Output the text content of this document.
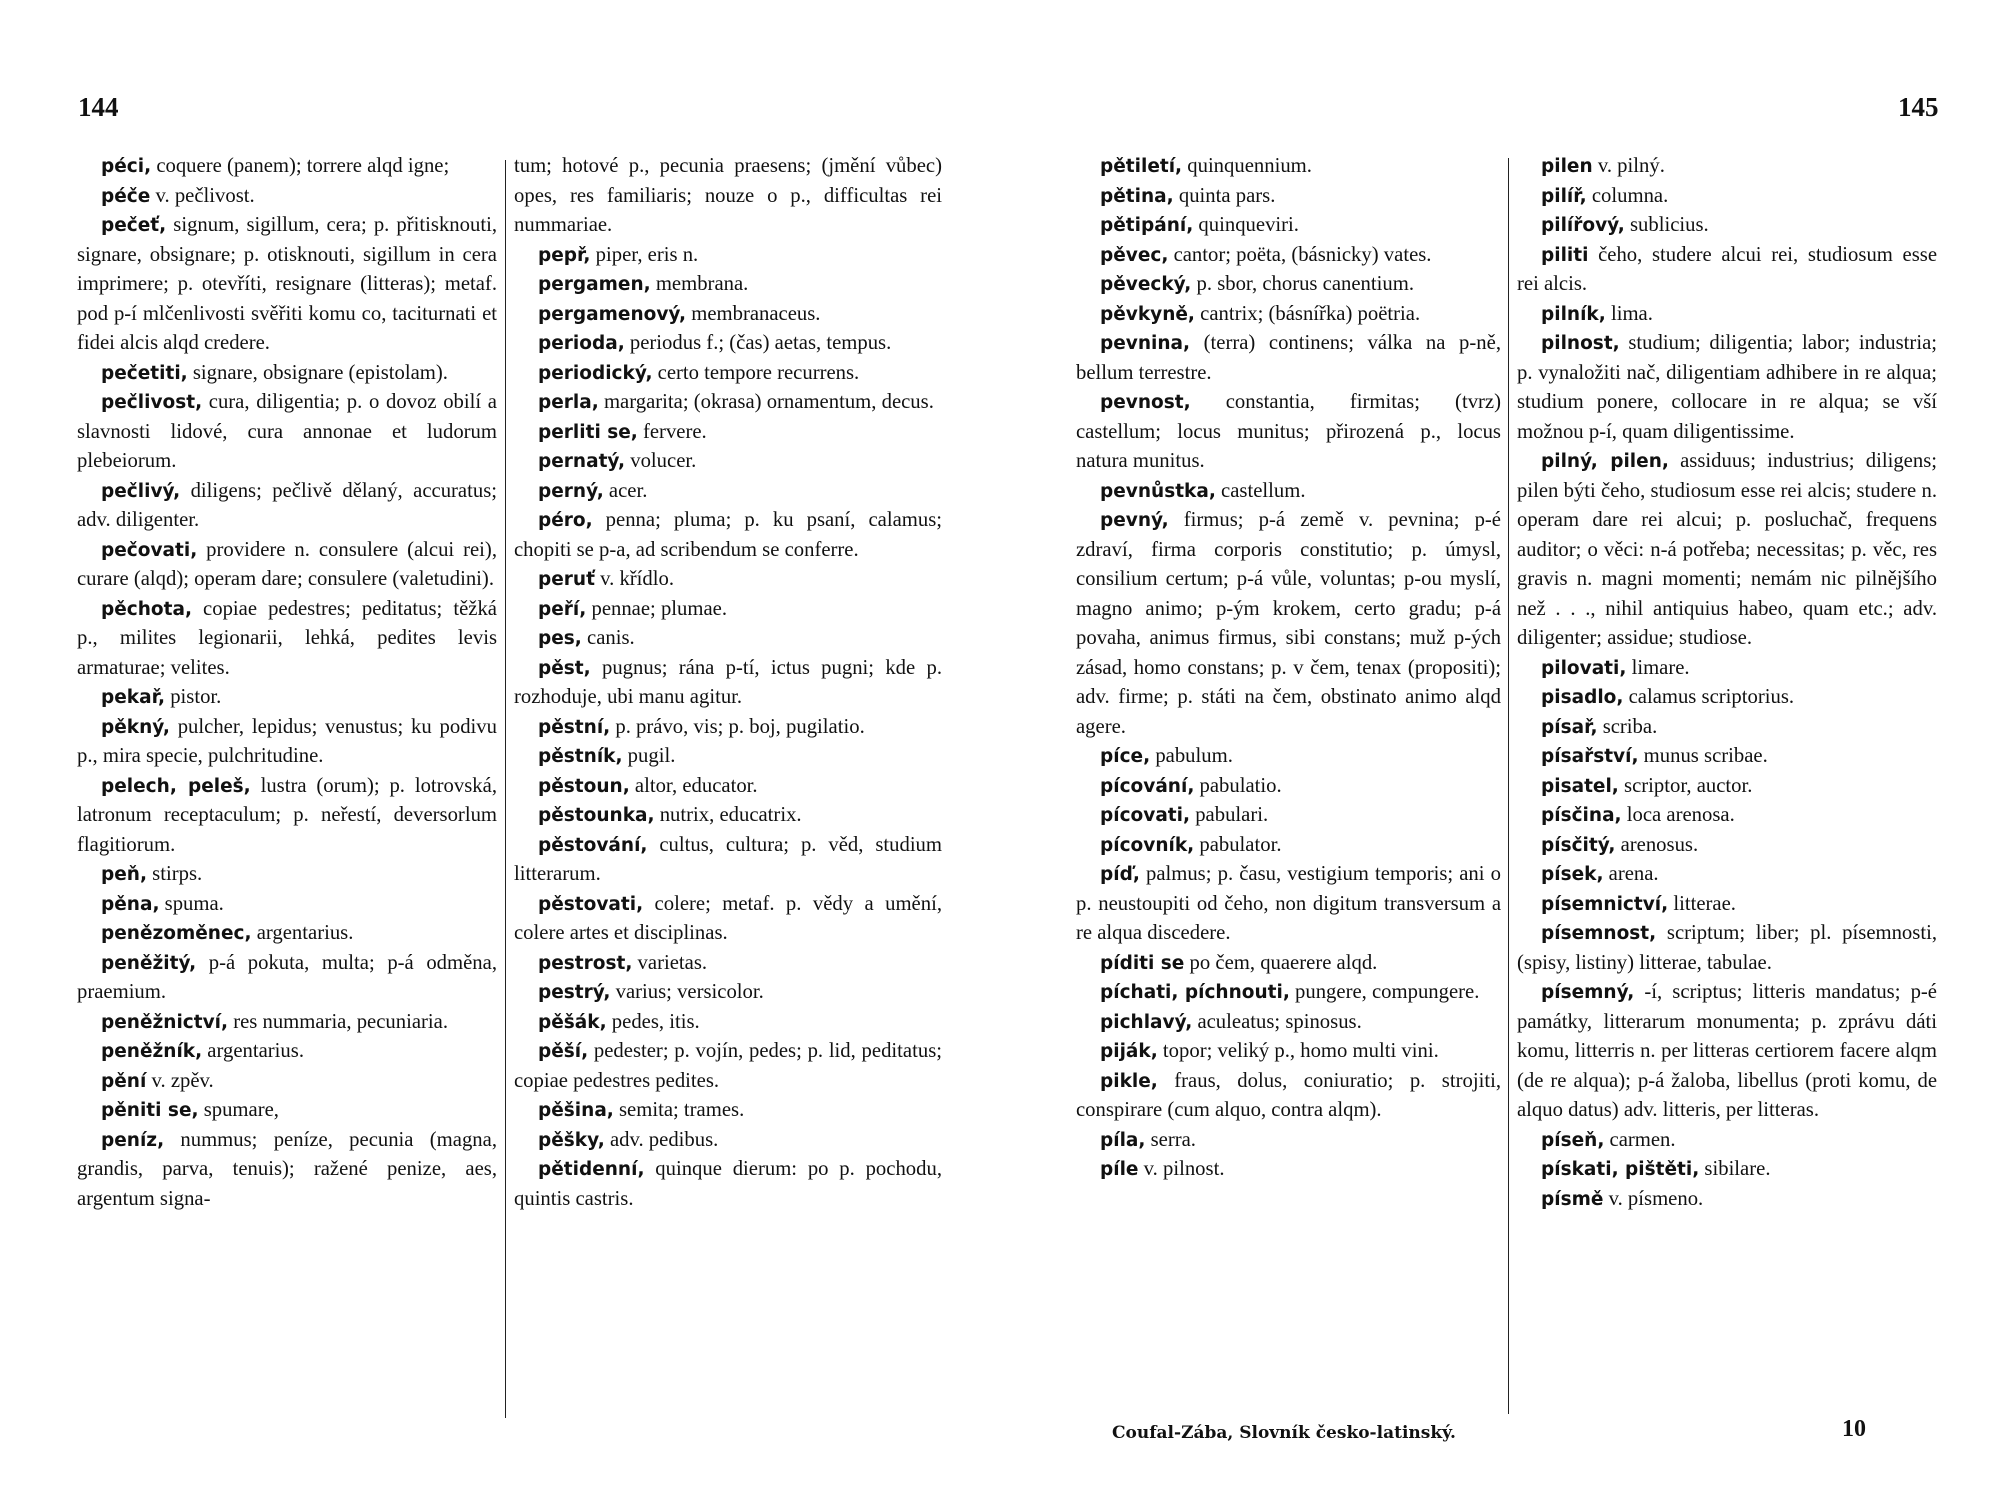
144	145

péci, coquere (panem); torrere alqd igne;

péče v. pečlivost.

pečeť, signum, sigillum, cera; p. přitisknouti, signare, obsignare; p. otisknouti, sigillum in cera imprimere; p. otevříti, resignare (litteras); metaf. pod p-í mlčenlivosti svěřiti komu co, taciturnati et fidei alcis alqd credere.

pečetiti, signare, obsignare (epistolam).

pečlivost, cura, diligentia; p. o dovoz obilí a slavnosti lidové, cura annonae et ludorum plebeiorum.

pečlivý, diligens; pečlivě dělaný, accuratus; adv. diligenter.

pečovati, providere n. consulere (alcui rei), curare (alqd); operam dare; consulere (valetudini).

pěchota, copiae pedestres; peditatus; těžká p., milites legionarii, lehká, pedites levis armaturae; velites.

pekař, pistor.

pěkný, pulcher, lepidus; venustus; ku podivu p., mira specie, pulchritudine.

pelech, peleš, lustra (orum); p. lotrovská, latronum receptaculum; p. neřestí, deversorlum flagitiorum.

peň, stirps.

pěna, spuma.

penězoměnec, argentarius.

peněžitý, p-á pokuta, multa; p-á odměna, praemium.

peněžnictví, res nummaria, pecuniaria.

peněžník, argentarius.

pění v. zpěv.

pěniti se, spumare,

peníz, nummus; peníze, pecunia (magna, grandis, parva, tenuis); ražené penize, aes, argentum signa-

tum; hotové p., pecunia praesens; (jmění vůbec) opes, res familiaris; nouze o p., difficultas rei nummariae.

pepř, piper, eris n.

pergamen, membrana.

pergamenový, membranaceus.

perioda, periodus f.; (čas) aetas, tempus.

periodický, certo tempore recurrens.

perla, margarita; (okrasa) ornamentum, decus.

perliti se, fervere.

pernatý, volucer.

perný, acer.

péro, penna; pluma; p. ku psaní, calamus; chopiti se p-a, ad scribendum se conferre.

peruť v. křídlo.

peří, pennae; plumae.

pes, canis.

pěst, pugnus; rána p-tí, ictus pugni; kde p. rozhoduje, ubi manu agitur.

pěstní, p. právo, vis; p. boj, pugilatio.

pěstník, pugil.

pěstoun, altor, educator.

pěstounka, nutrix, educatrix.

pěstování, cultus, cultura; p. věd, studium litterarum.

pěstovati, colere; metaf. p. vědy a umění, colere artes et disciplinas.

pestrost, varietas.

pestrý, varius; versicolor.

pěšák, pedes, itis.

pěší, pedester; p. vojín, pedes; p. lid, peditatus; copiae pedestres pedites.

pěšina, semita; trames.

pěšky, adv. pedibus.

pětidenní, quinque dierum: po p. pochodu, quintis castris.

pětiletí, quinquennium.

pětina, quinta pars.

pětipání, quinqueviri.

pěvec, cantor; poëta, (básnicky) vates.

pěvecký, p. sbor, chorus canentium.

pěvkyně, cantrix; (básnířka) poëtria.

pevnina, (terra) continens; válka na p-ně, bellum terrestre.

pevnost, constantia, firmitas; (tvrz) castellum; locus munitus; přirozená p., locus natura munitus.

pevnůstka, castellum.

pevný, firmus; p-á země v. pevnina; p-é zdraví, firma corporis constitutio; p. úmysl, consilium certum; p-á vůle, voluntas; p-ou myslí, magno animo; p-ým krokem, certo gradu; p-á povaha, animus firmus, sibi constans; muž p-ých zásad, homo constans; p. v čem, tenax (propositi); adv. firme; p. státi na čem, obstinato animo alqd agere.

píce, pabulum.

pícování, pabulatio.

pícovati, pabulari.

pícovník, pabulator.

píď, palmus; p. času, vestigium temporis; ani o p. neustoupiti od čeho, non digitum transversum a re alqua discedere.

píditi se po čem, quaerere alqd.

píchati, píchnouti, pungere, compungere.

pichlavý, aculeatus; spinosus.

piják, topor; veliký p., homo multi vini.

pikle, fraus, dolus, coniuratio; p. strojiti, conspirare (cum alquo, contra alqm).

píla, serra.

píle v. pilnost.

pilen v. pilný.

pilíř, columna.

pilířový, sublicius.

piliti čeho, studere alcui rei, studiosum esse rei alcis.

pilník, lima.

pilnost, studium; diligentia; labor; industria; p. vynaložiti nač, diligentiam adhibere in re alqua; studium ponere, collocare in re alqua; se vší možnou p-í, quam diligentissime.

pilný, pilen, assiduus; industrius; diligens; pilen býti čeho, studiosum esse rei alcis; studere n. operam dare rei alcui; p. posluchač, frequens auditor; o věci: n-á potřeba; necessitas; p. věc, res gravis n. magni momenti; nemám nic pilnějšího než . . ., nihil antiquius habeo, quam etc.; adv. diligenter; assidue; studiose.

pilovati, limare.

pisadlo, calamus scriptorius.

písař, scriba.

písařství, munus scribae.

pisatel, scriptor, auctor.

písčina, loca arenosa.

písčitý, arenosus.

písek, arena.

písemnictví, litterae.

písemnost, scriptum; liber; pl. písemnosti, (spisy, listiny) litterae, tabulae.

písemný, -í, scriptus; litteris mandatus; p-é památky, litterarum monumenta; p. zprávu dáti komu, litterris n. per litteras certiorem facere alqm (de re alqua); p-á žaloba, libellus (proti komu, de alquo datus) adv. litteris, per litteras.

píseň, carmen.

pískati, pištěti, sibilare.

písmě v. písmeno.

Coufal-Zába, Slovník česko-latinský.	10
